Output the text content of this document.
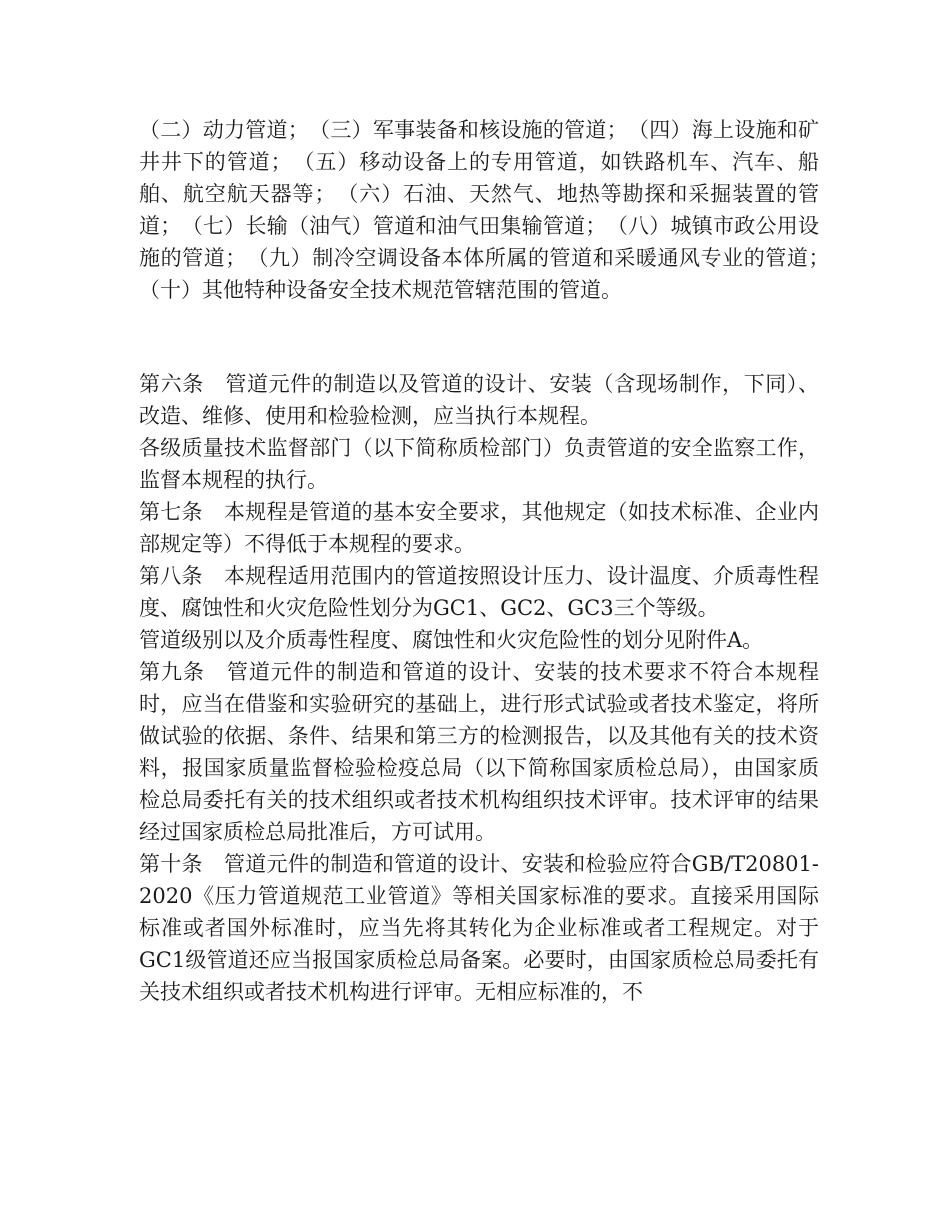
（二）动力管道；　（三）军事装备和核设施的管道；　（四）海上设施和矿井井下的管道；　（五）移动设备上的专用管道，如铁路机车、汽车、船舶、航空航天器等；　（六）石油、天然气、地热等勘探和采掘装置的管道；　（七）长输（油气）管道和油气田集输管道；　（八）城镇市政公用设施的管道；　（九）制冷空调设备本体所属的管道和采暖通风专业的管道；　（十）其他特种设备安全技术规范管辖范围的管道。

第六条　管道元件的制造以及管道的设计、安装（含现场制作，下同）、改造、维修、使用和检验检测，应当执行本规程。

各级质量技术监督部门（以下简称质检部门）负责管道的安全监察工作，监督本规程的执行。

第七条　本规程是管道的基本安全要求，其他规定（如技术标准、企业内部规定等）不得低于本规程的要求。

第八条　本规程适用范围内的管道按照设计压力、设计温度、介质毒性程度、腐蚀性和火灾危险性划分为GC1、GC2、GC3三个等级。

管道级别以及介质毒性程度、腐蚀性和火灾危险性的划分见附件A。

第九条　管道元件的制造和管道的设计、安装的技术要求不符合本规程时，应当在借鉴和实验研究的基础上，进行形式试验或者技术鉴定，将所做试验的依据、条件、结果和第三方的检测报告，以及其他有关的技术资料，报国家质量监督检验检疫总局（以下简称国家质检总局），由国家质检总局委托有关的技术组织或者技术机构组织技术评审。技术评审的结果经过国家质检总局批准后，方可试用。

第十条　管道元件的制造和管道的设计、安装和检验应符合GB/T20801-2020《压力管道规范工业管道》等相关国家标准的要求。直接采用国际标准或者国外标准时，应当先将其转化为企业标准或者工程规定。对于GC1级管道还应当报国家质检总局备案。必要时，由国家质检总局委托有关技术组织或者技术机构进行评审。无相应标准的，不
